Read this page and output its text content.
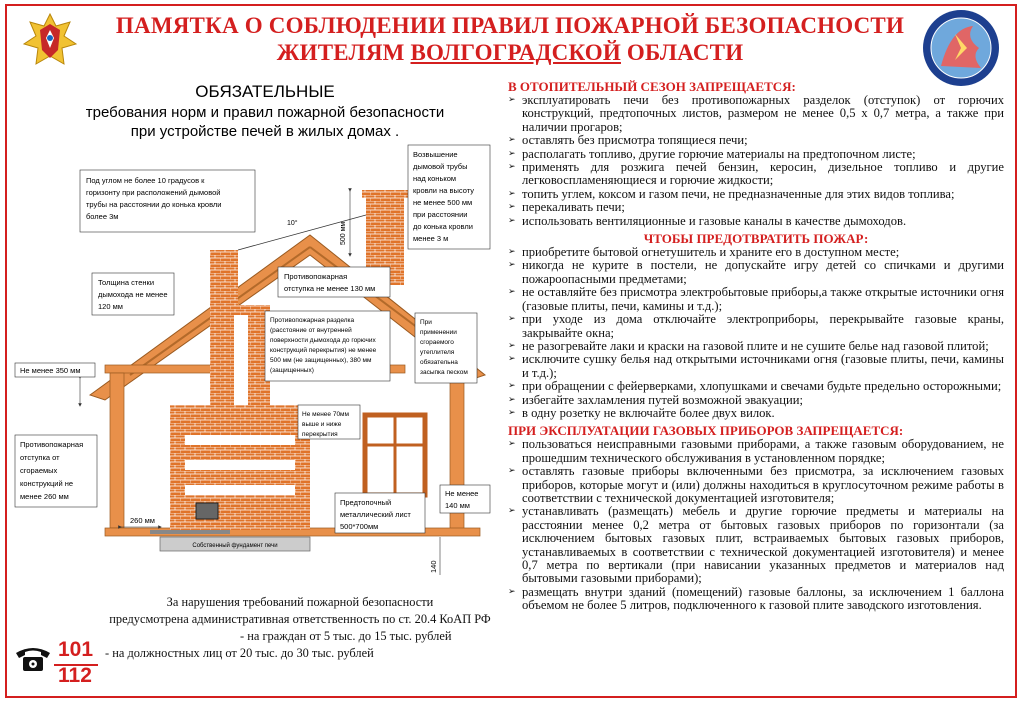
ПАМЯТКА О СОБЛЮДЕНИИ ПРАВИЛ ПОЖАРНОЙ БЕЗОПАСНОСТИ
ЖИТЕЛЯМ ВОЛГОГРАДСКОЙ ОБЛАСТИ
ОБЯЗАТЕЛЬНЫЕ
требования норм и правил пожарной безопасности
при устройстве печей в жилых домах .
Собственный фундамент печи
10°	500 мм
Под углом не более 10 градусов к
горизонту при расположений дымовой
трубы на расстоянии до конька кровли
более 3м
Возвышение
дымовой трубы
над коньком
кровли на высоту
не менее 500 мм
при расстоянии
до конька кровли
менее 3 м
Толщина стенки
дымохода не менее
120 мм
Противопожарная
отступка не менее 130 мм
Противопожарная разделка
(расстояние от внутренней
поверхности дымохода до горючих
конструкций перекрытия) не менее
500 мм (не защищенных), 380 мм
(защищенных)
При
применении
сгораемого
утеплителя
обязательна
засыпка песком
Не менее 350 мм
Не менее 70мм
выше и ниже
перекрытия
Противопожарная
отступка от
сгораемых
конструкций не
менее 260 мм
Предтопочный
металлический лист
500*700мм
Не менее
140 мм
260 мм
140
В ОТОПИТЕЛЬНЫЙ СЕЗОН ЗАПРЕЩАЕТСЯ:
➢ эксплуатировать печи без противопожарных разделок (отступок) от горючих конструкций, предтопочных листов, размером не менее 0,5 х 0,7 метра, а также при наличии прогаров;
➢ оставлять без присмотра топящиеся печи;
➢ располагать топливо, другие горючие материалы на предтопочном листе;
➢ применять для розжига печей бензин, керосин, дизельное топливо и другие легковоспламеняющиеся и горючие жидкости;
➢ топить углем, коксом и газом печи, не предназначенные для этих видов топлива;
➢ перекаливать печи;
➢ использовать вентиляционные и газовые каналы в качестве дымоходов.
ЧТОБЫ ПРЕДОТВРАТИТЬ ПОЖАР:
➢ приобретите бытовой огнетушитель и храните его в доступном месте;
➢ никогда не курите в постели, не допускайте игру детей со спичками и другими пожароопасными предметами;
➢ не оставляйте без присмотра электробытовые приборы,а также открытые источники огня (газовые плиты, печи, камины и т.д.);
➢ при уходе из дома отключайте электроприборы, перекрывайте газовые краны, закрывайте окна;
➢ не разогревайте лаки и краски на газовой плите и не сушите белье над газовой плитой;
➢ исключите сушку белья над открытыми источниками огня (газовые плиты, печи, камины и т.д.);
➢ при обращении с фейерверками, хлопушками и свечами будьте предельно осторожными;
➢ избегайте захламления путей возможной эвакуации;
➢ в одну розетку не включайте более двух вилок.
ПРИ ЭКСПЛУАТАЦИИ ГАЗОВЫХ ПРИБОРОВ ЗАПРЕЩАЕТСЯ:
➢ пользоваться неисправными газовыми приборами, а также газовым оборудованием, не прошедшим технического обслуживания в установленном порядке;
➢ оставлять газовые приборы включенными без присмотра, за исключением газовых приборов, которые могут и (или) должны находиться в круглосуточном режиме работы в соответствии с технической документацией изготовителя;
➢ устанавливать (размещать) мебель и другие горючие предметы и материалы на расстоянии менее 0,2 метра от бытовых газовых приборов по горизонтали (за исключением бытовых газовых плит, встраиваемых бытовых газовых приборов, устанавливаемых в соответствии с технической документацией изготовителя) и менее 0,7 метра по вертикали (при нависании указанных предметов и материалов над бытовыми газовыми приборами);
➢ размещать внутри зданий (помещений) газовые баллоны, за исключением 1 баллона объемом не более 5 литров, подключенного к газовой плите заводского изготовления.
За нарушения требований пожарной безопасности
предусмотрена административная ответственность по ст. 20.4 КоАП РФ
- на граждан от 5 тыс. до 15 тыс. рублей
- на должностных лиц от 20 тыс. до 30 тыс. рублей
101
112
